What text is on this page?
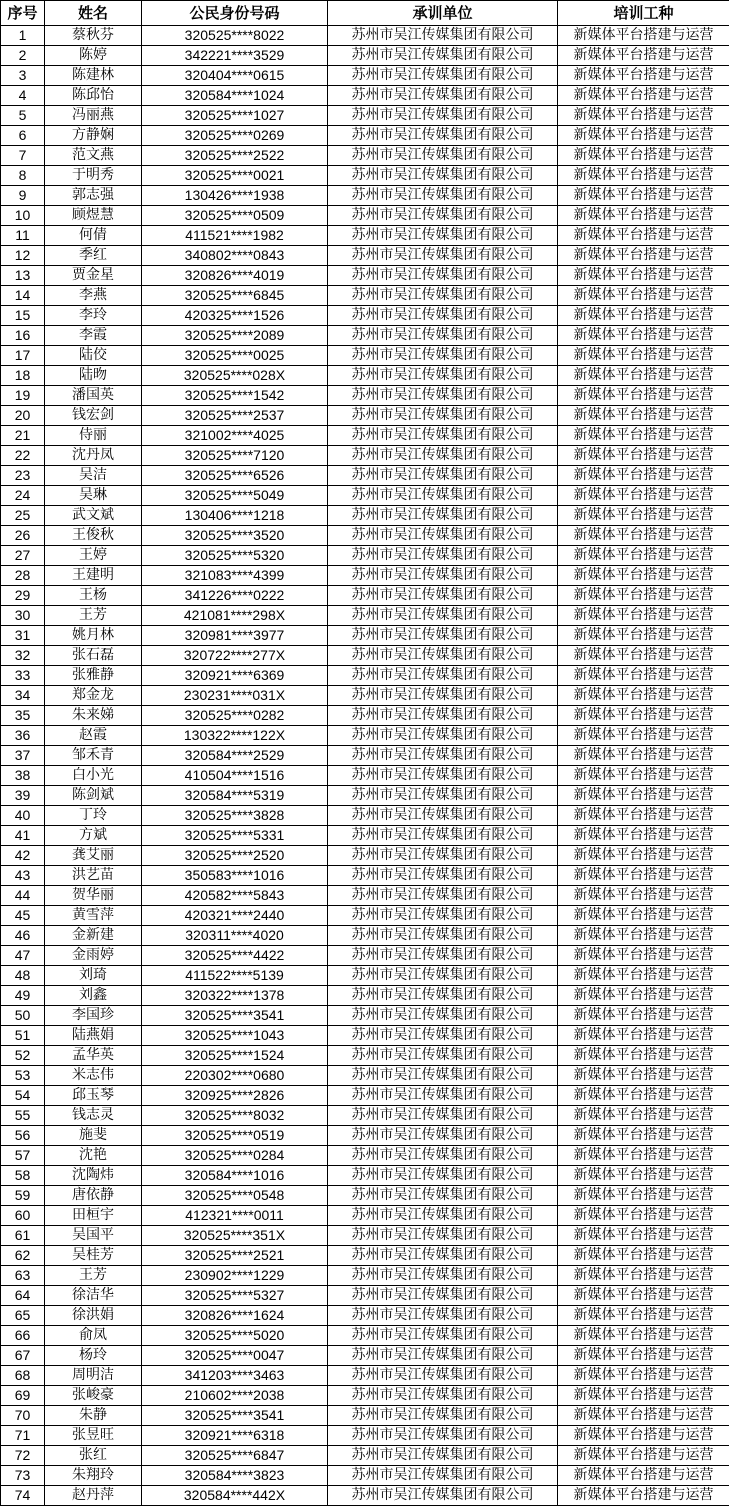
序号	姓名	公民身份号码	承训单位	培训工种
1	蔡秋芬	320525****8022	苏州市吴江传媒集团有限公司	新媒体平台搭建与运营
2	陈婷	342221****3529	苏州市吴江传媒集团有限公司	新媒体平台搭建与运营
3	陈建林	320404****0615	苏州市吴江传媒集团有限公司	新媒体平台搭建与运营
4	陈邱怡	320584****1024	苏州市吴江传媒集团有限公司	新媒体平台搭建与运营
5	冯丽燕	320525****1027	苏州市吴江传媒集团有限公司	新媒体平台搭建与运营
6	方静娴	320525****0269	苏州市吴江传媒集团有限公司	新媒体平台搭建与运营
7	范文燕	320525****2522	苏州市吴江传媒集团有限公司	新媒体平台搭建与运营
8	于明秀	320525****0021	苏州市吴江传媒集团有限公司	新媒体平台搭建与运营
9	郭志强	130426****1938	苏州市吴江传媒集团有限公司	新媒体平台搭建与运营
10	顾煜慧	320525****0509	苏州市吴江传媒集团有限公司	新媒体平台搭建与运营
11	何倩	411521****1982	苏州市吴江传媒集团有限公司	新媒体平台搭建与运营
12	季红	340802****0843	苏州市吴江传媒集团有限公司	新媒体平台搭建与运营
13	贾金星	320826****4019	苏州市吴江传媒集团有限公司	新媒体平台搭建与运营
14	李燕	320525****6845	苏州市吴江传媒集团有限公司	新媒体平台搭建与运营
15	李玲	420325****1526	苏州市吴江传媒集团有限公司	新媒体平台搭建与运营
16	李霞	320525****2089	苏州市吴江传媒集团有限公司	新媒体平台搭建与运营
17	陆佼	320525****0025	苏州市吴江传媒集团有限公司	新媒体平台搭建与运营
18	陆昒	320525****028X	苏州市吴江传媒集团有限公司	新媒体平台搭建与运营
19	潘国英	320525****1542	苏州市吴江传媒集团有限公司	新媒体平台搭建与运营
20	钱宏剑	320525****2537	苏州市吴江传媒集团有限公司	新媒体平台搭建与运营
21	侍丽	321002****4025	苏州市吴江传媒集团有限公司	新媒体平台搭建与运营
22	沈丹凤	320525****7120	苏州市吴江传媒集团有限公司	新媒体平台搭建与运营
23	吴洁	320525****6526	苏州市吴江传媒集团有限公司	新媒体平台搭建与运营
24	吴琳	320525****5049	苏州市吴江传媒集团有限公司	新媒体平台搭建与运营
25	武文斌	130406****1218	苏州市吴江传媒集团有限公司	新媒体平台搭建与运营
26	王俊秋	320525****3520	苏州市吴江传媒集团有限公司	新媒体平台搭建与运营
27	王婷	320525****5320	苏州市吴江传媒集团有限公司	新媒体平台搭建与运营
28	王建明	321083****4399	苏州市吴江传媒集团有限公司	新媒体平台搭建与运营
29	王杨	341226****0222	苏州市吴江传媒集团有限公司	新媒体平台搭建与运营
30	王芳	421081****298X	苏州市吴江传媒集团有限公司	新媒体平台搭建与运营
31	姚月林	320981****3977	苏州市吴江传媒集团有限公司	新媒体平台搭建与运营
32	张石磊	320722****277X	苏州市吴江传媒集团有限公司	新媒体平台搭建与运营
33	张雅静	320921****6369	苏州市吴江传媒集团有限公司	新媒体平台搭建与运营
34	郑金龙	230231****031X	苏州市吴江传媒集团有限公司	新媒体平台搭建与运营
35	朱来娣	320525****0282	苏州市吴江传媒集团有限公司	新媒体平台搭建与运营
36	赵霞	130322****122X	苏州市吴江传媒集团有限公司	新媒体平台搭建与运营
37	邹禾青	320584****2529	苏州市吴江传媒集团有限公司	新媒体平台搭建与运营
38	白小光	410504****1516	苏州市吴江传媒集团有限公司	新媒体平台搭建与运营
39	陈剑斌	320584****5319	苏州市吴江传媒集团有限公司	新媒体平台搭建与运营
40	丁玲	320525****3828	苏州市吴江传媒集团有限公司	新媒体平台搭建与运营
41	方斌	320525****5331	苏州市吴江传媒集团有限公司	新媒体平台搭建与运营
42	龚艾丽	320525****2520	苏州市吴江传媒集团有限公司	新媒体平台搭建与运营
43	洪艺苗	350583****1016	苏州市吴江传媒集团有限公司	新媒体平台搭建与运营
44	贺华丽	420582****5843	苏州市吴江传媒集团有限公司	新媒体平台搭建与运营
45	黄雪萍	420321****2440	苏州市吴江传媒集团有限公司	新媒体平台搭建与运营
46	金新建	320311****4020	苏州市吴江传媒集团有限公司	新媒体平台搭建与运营
47	金雨婷	320525****4422	苏州市吴江传媒集团有限公司	新媒体平台搭建与运营
48	刘琦	411522****5139	苏州市吴江传媒集团有限公司	新媒体平台搭建与运营
49	刘鑫	320322****1378	苏州市吴江传媒集团有限公司	新媒体平台搭建与运营
50	李国珍	320525****3541	苏州市吴江传媒集团有限公司	新媒体平台搭建与运营
51	陆燕娟	320525****1043	苏州市吴江传媒集团有限公司	新媒体平台搭建与运营
52	孟华英	320525****1524	苏州市吴江传媒集团有限公司	新媒体平台搭建与运营
53	米志伟	220302****0680	苏州市吴江传媒集团有限公司	新媒体平台搭建与运营
54	邱玉琴	320925****2826	苏州市吴江传媒集团有限公司	新媒体平台搭建与运营
55	钱志灵	320525****8032	苏州市吴江传媒集团有限公司	新媒体平台搭建与运营
56	施斐	320525****0519	苏州市吴江传媒集团有限公司	新媒体平台搭建与运营
57	沈艳	320525****0284	苏州市吴江传媒集团有限公司	新媒体平台搭建与运营
58	沈陶炜	320584****1016	苏州市吴江传媒集团有限公司	新媒体平台搭建与运营
59	唐依静	320525****0548	苏州市吴江传媒集团有限公司	新媒体平台搭建与运营
60	田桓宇	412321****0011	苏州市吴江传媒集团有限公司	新媒体平台搭建与运营
61	吴国平	320525****351X	苏州市吴江传媒集团有限公司	新媒体平台搭建与运营
62	吴桂芳	320525****2521	苏州市吴江传媒集团有限公司	新媒体平台搭建与运营
63	王芳	230902****1229	苏州市吴江传媒集团有限公司	新媒体平台搭建与运营
64	徐洁华	320525****5327	苏州市吴江传媒集团有限公司	新媒体平台搭建与运营
65	徐洪娟	320826****1624	苏州市吴江传媒集团有限公司	新媒体平台搭建与运营
66	俞凤	320525****5020	苏州市吴江传媒集团有限公司	新媒体平台搭建与运营
67	杨玲	320525****0047	苏州市吴江传媒集团有限公司	新媒体平台搭建与运营
68	周明洁	341203****3463	苏州市吴江传媒集团有限公司	新媒体平台搭建与运营
69	张峻豪	210602****2038	苏州市吴江传媒集团有限公司	新媒体平台搭建与运营
70	朱静	320525****3541	苏州市吴江传媒集团有限公司	新媒体平台搭建与运营
71	张昱旺	320921****6318	苏州市吴江传媒集团有限公司	新媒体平台搭建与运营
72	张红	320525****6847	苏州市吴江传媒集团有限公司	新媒体平台搭建与运营
73	朱翔玲	320584****3823	苏州市吴江传媒集团有限公司	新媒体平台搭建与运营
74	赵丹萍	320584****442X	苏州市吴江传媒集团有限公司	新媒体平台搭建与运营
